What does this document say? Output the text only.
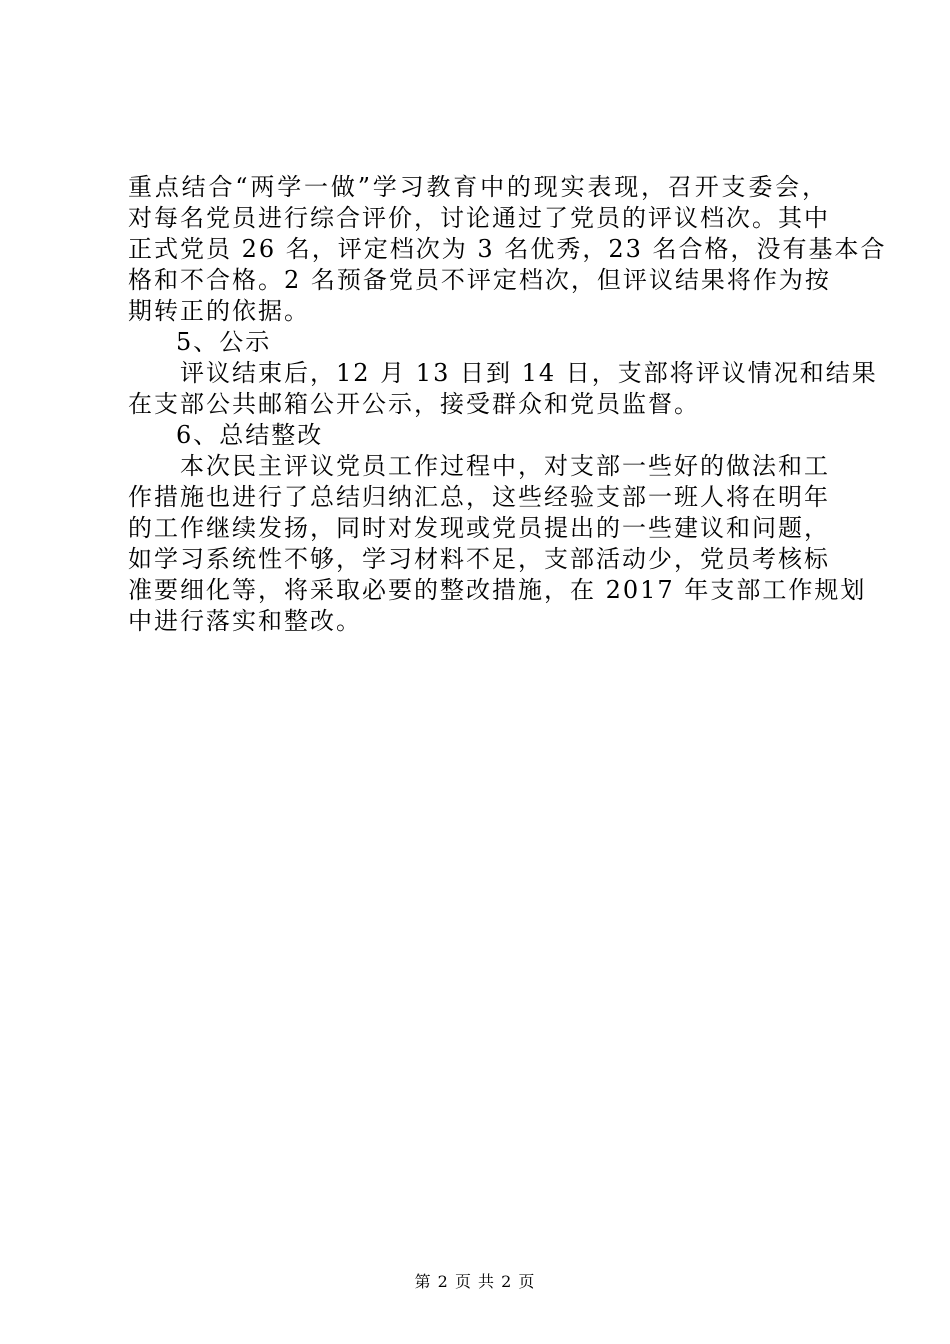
重点结合“两学一做”学习教育中的现实表现，召开支委会，
对每名党员进行综合评价，讨论通过了党员的评议档次。其中
正式党员 26 名，评定档次为 3 名优秀，23 名合格，没有基本合
格和不合格。2 名预备党员不评定档次，但评议结果将作为按
期转正的依据。
5、公示
评议结束后，12 月 13 日到 14 日，支部将评议情况和结果
在支部公共邮箱公开公示，接受群众和党员监督。
6、总结整改
本次民主评议党员工作过程中，对支部一些好的做法和工
作措施也进行了总结归纳汇总，这些经验支部一班人将在明年
的工作继续发扬，同时对发现或党员提出的一些建议和问题，
如学习系统性不够，学习材料不足，支部活动少，党员考核标
准要细化等，将采取必要的整改措施，在 2017 年支部工作规划
中进行落实和整改。
第 2 页 共 2 页
